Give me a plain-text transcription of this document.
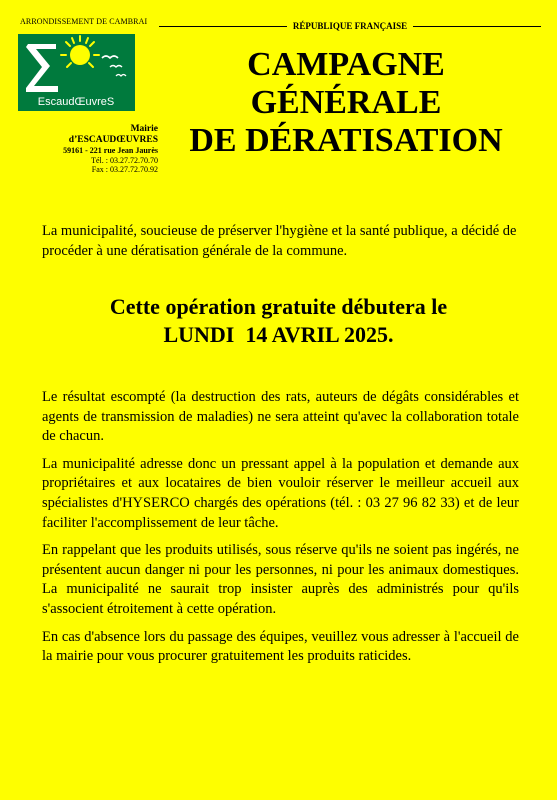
ARRONDISSEMENT DE CAMBRAI
EscaudŒuvreS
Mairie
d’ESCAUDŒUVRES
59161 - 221 rue Jean Jaurès
Tél. : 03.27.72.70.70
Fax : 03.27.72.70.92
RÉPUBLIQUE FRANÇAISE
CAMPAGNE
GÉNÉRALE
DE DÉRATISATION
La municipalité, soucieuse de préserver l'hygiène et la santé publique, a décidé de procéder à une dératisation générale de la commune.
Cette opération gratuite débutera le
LUNDI  14 AVRIL 2025.

Le résultat escompté (la destruction des rats, auteurs de dégâts considérables et agents de transmission de maladies) ne sera atteint qu'avec la collaboration totale de chacun.

La municipalité adresse donc un pressant appel à la population et demande aux propriétaires et aux locataires de bien vouloir réserver le meilleur accueil aux spécialistes d'HYSERCO chargés des opérations (tél. : 03 27 96 82 33) et de leur faciliter l'accomplissement de leur tâche.

En rappelant que les produits utilisés, sous réserve qu'ils ne soient pas ingérés, ne présentent aucun danger ni pour les personnes, ni pour les animaux domestiques. La municipalité ne saurait trop insister auprès des administrés pour qu'ils s'associent étroitement à cette opération.

En cas d'absence lors du passage des équipes, veuillez vous adresser à l'accueil de la mairie pour vous procurer gratuitement les produits raticides.
